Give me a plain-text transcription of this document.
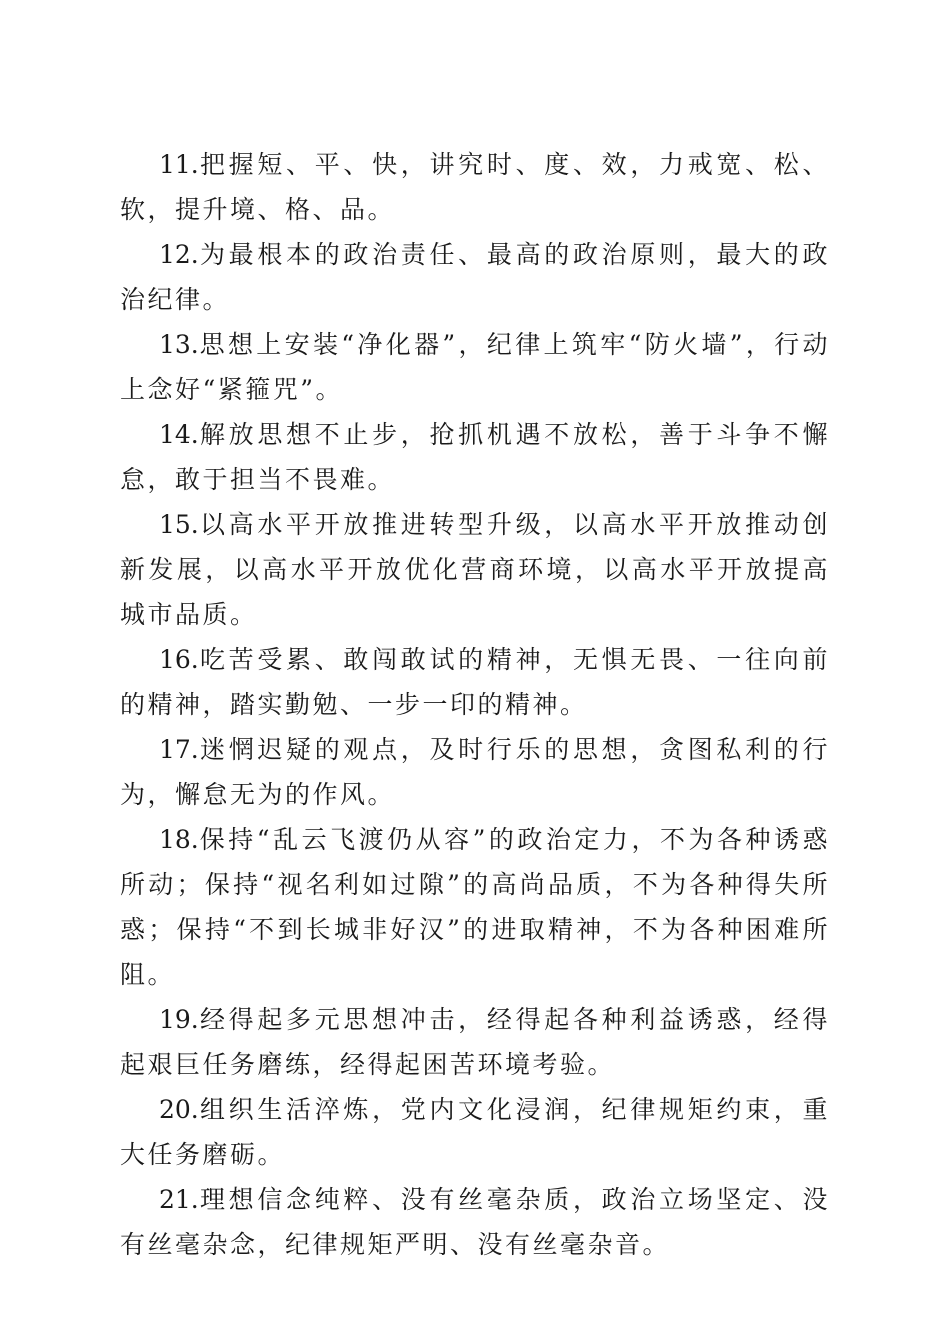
11.把握短、平、快，讲究时、度、效，力戒宽、松、软，提升境、格、品。

12.为最根本的政治责任、最高的政治原则，最大的政治纪律。

13.思想上安装“净化器”，纪律上筑牢“防火墙”，行动上念好“紧箍咒”。

14.解放思想不止步，抢抓机遇不放松，善于斗争不懈怠，敢于担当不畏难。

15.以高水平开放推进转型升级，以高水平开放推动创新发展，以高水平开放优化营商环境，以高水平开放提高城市品质。

16.吃苦受累、敢闯敢试的精神，无惧无畏、一往向前的精神，踏实勤勉、一步一印的精神。

17.迷惘迟疑的观点，及时行乐的思想，贪图私利的行为，懈怠无为的作风。

18.保持“乱云飞渡仍从容”的政治定力，不为各种诱惑所动；保持“视名利如过隙”的高尚品质，不为各种得失所惑；保持“不到长城非好汉”的进取精神，不为各种困难所阻。

19.经得起多元思想冲击，经得起各种利益诱惑，经得起艰巨任务磨练，经得起困苦环境考验。

20.组织生活淬炼，党内文化浸润，纪律规矩约束，重大任务磨砺。

21.理想信念纯粹、没有丝毫杂质，政治立场坚定、没有丝毫杂念，纪律规矩严明、没有丝毫杂音。
